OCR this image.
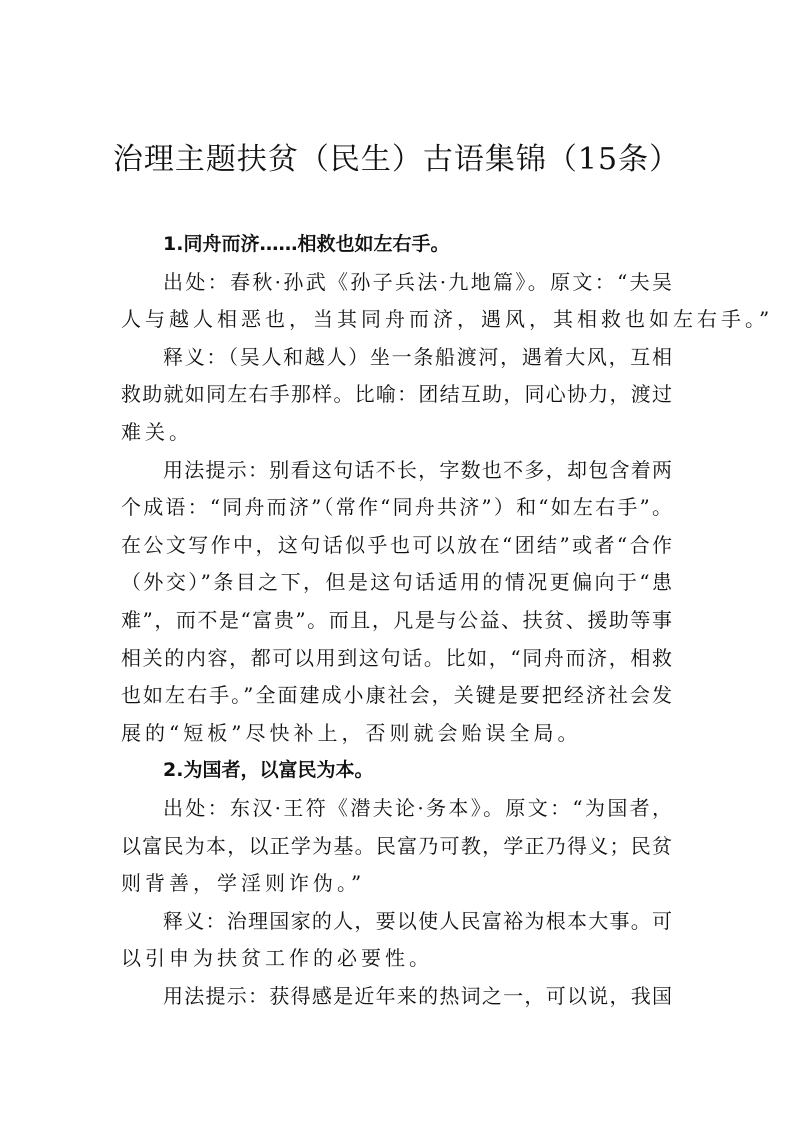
治理主题扶贫（民生）古语集锦（15条）
1.同舟而济……相救也如左右手。
出处：春秋·孙武《孙子兵法·九地篇》。原文：“夫吴
人与越人相恶也，当其同舟而济，遇风，其相救也如左右手。”
释义：（吴人和越人）坐一条船渡河，遇着大风，互相
救助就如同左右手那样。比喻：团结互助，同心协力，渡过
难关。
用法提示：别看这句话不长，字数也不多，却包含着两
个成语：“同舟而济”（常作“同舟共济”）和“如左右手”。
在公文写作中，这句话似乎也可以放在“团结”或者“合作
（外交）”条目之下，但是这句话适用的情况更偏向于“患
难”，而不是“富贵”。而且，凡是与公益、扶贫、援助等事
相关的内容，都可以用到这句话。比如，“同舟而济，相救
也如左右手。”全面建成小康社会，关键是要把经济社会发
展的“短板”尽快补上，否则就会贻误全局。
2.为国者，以富民为本。
出处：东汉·王符《潜夫论·务本》。原文：“为国者，
以富民为本，以正学为基。民富乃可教，学正乃得义；民贫
则背善，学淫则诈伪。”
释义：治理国家的人，要以使人民富裕为根本大事。可
以引申为扶贫工作的必要性。
用法提示：获得感是近年来的热词之一，可以说，我国
